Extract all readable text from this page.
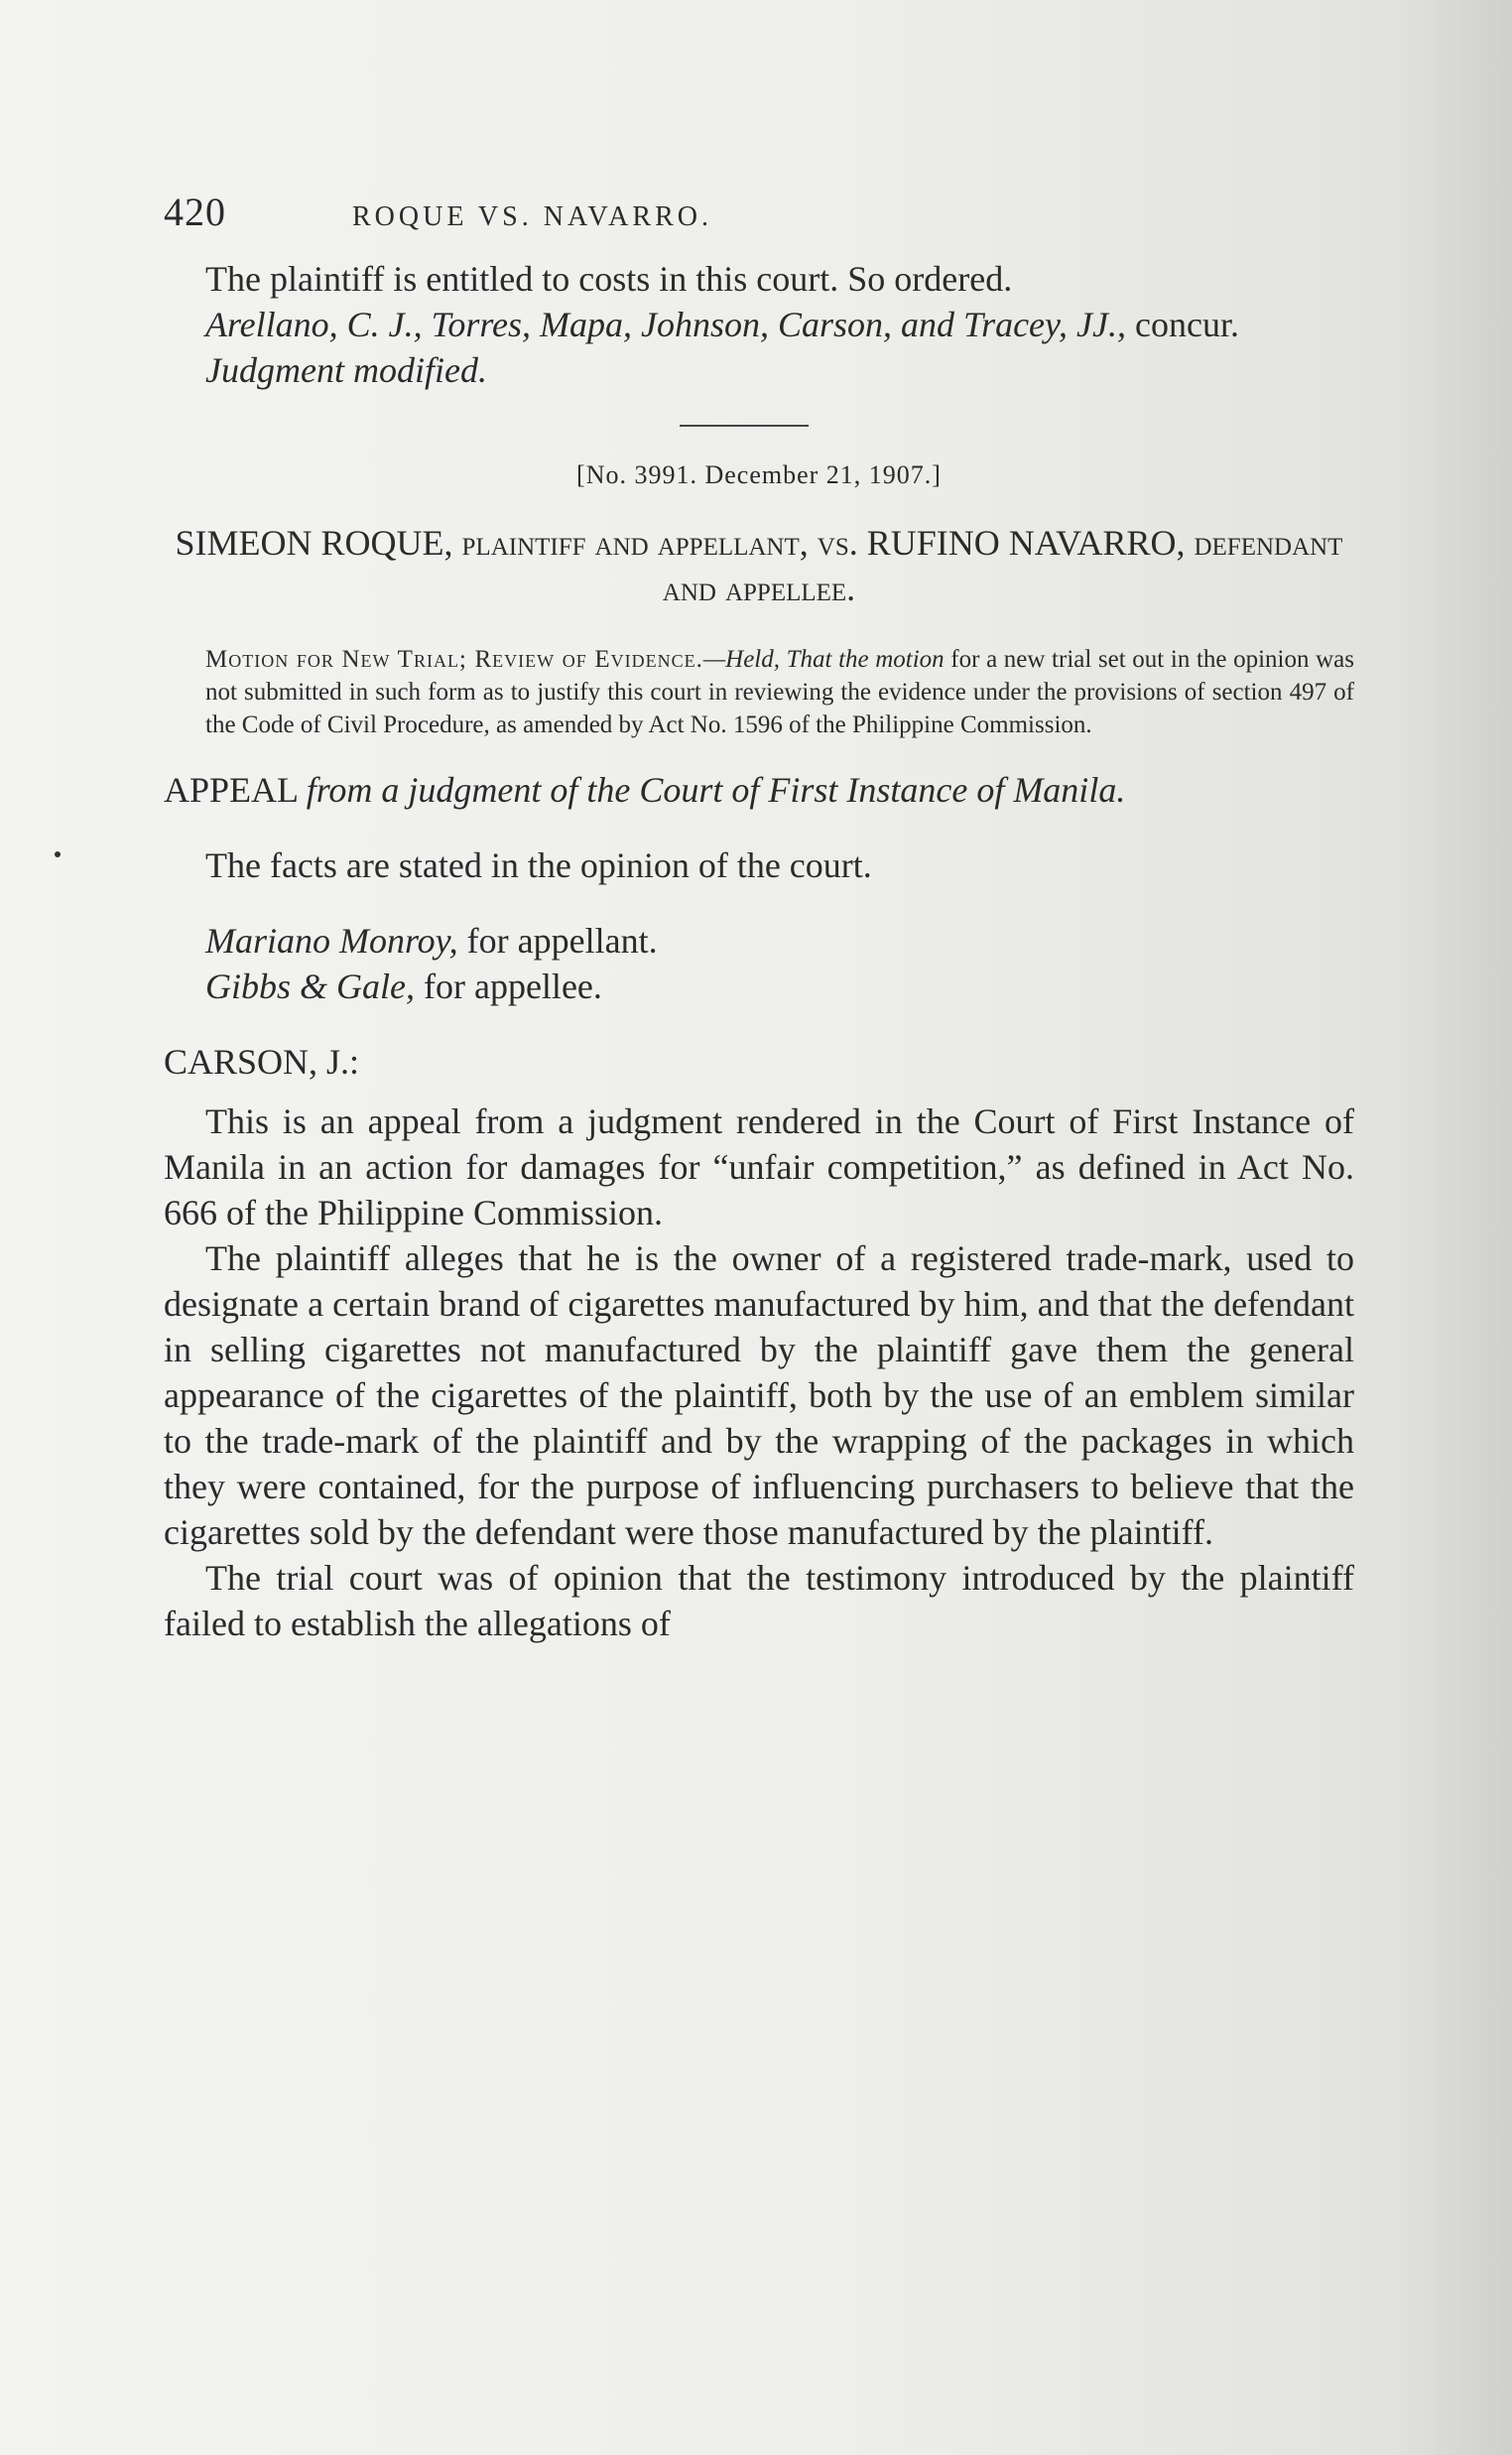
420	ROQUE VS. NAVARRO.

The plaintiff is entitled to costs in this court. So ordered.

Arellano, C. J., Torres, Mapa, Johnson, Carson, and Tracey, JJ., concur.

Judgment modified.

[No. 3991. December 21, 1907.]

SIMEON ROQUE, plaintiff and appellant, vs. RUFINO NAVARRO, defendant and appellee.

Motion for New Trial; Review of Evidence.—Held, That the motion for a new trial set out in the opinion was not submitted in such form as to justify this court in reviewing the evidence under the provisions of section 497 of the Code of Civil Procedure, as amended by Act No. 1596 of the Philippine Commission.

APPEAL from a judgment of the Court of First Instance of Manila.

The facts are stated in the opinion of the court.

Mariano Monroy, for appellant.

Gibbs & Gale, for appellee.

CARSON, J.:

This is an appeal from a judgment rendered in the Court of First Instance of Manila in an action for damages for “unfair competition,” as defined in Act No. 666 of the Philippine Commission.

The plaintiff alleges that he is the owner of a registered trade-mark, used to designate a certain brand of cigarettes manufactured by him, and that the defendant in selling cigarettes not manufactured by the plaintiff gave them the general appearance of the cigarettes of the plaintiff, both by the use of an emblem similar to the trade-mark of the plaintiff and by the wrapping of the packages in which they were contained, for the purpose of influencing purchasers to believe that the cigarettes sold by the defendant were those manufactured by the plaintiff.

The trial court was of opinion that the testimony introduced by the plaintiff failed to establish the allegations of
